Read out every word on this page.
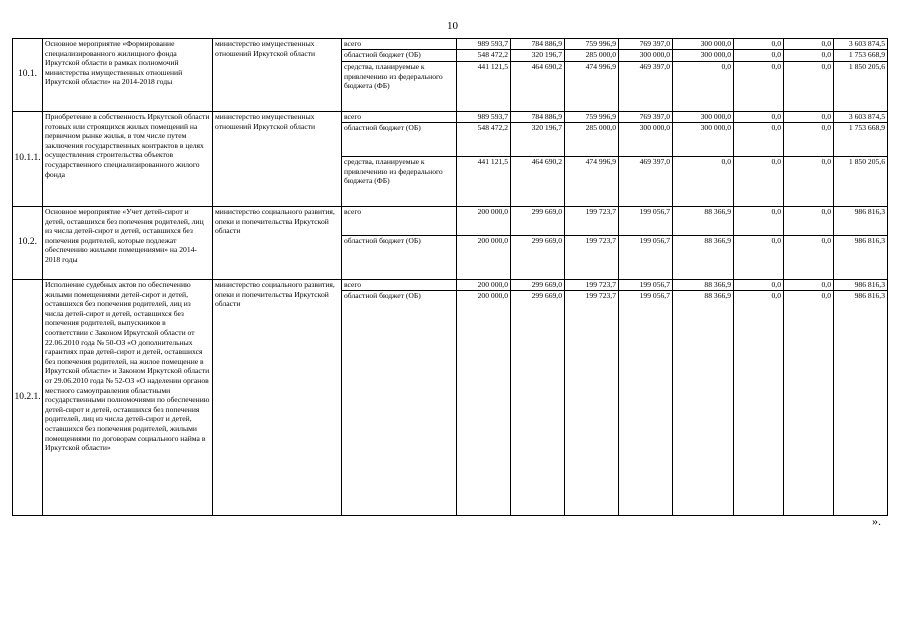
10
10.1.	Основное мероприятие «Формирование специализированного жилищного фонда Иркутской области в рамках полномочий министерства имущественных отношений Иркутской области» на 2014-2018 годы	министерство имущественных отношений Иркутской области	всего	989 593,7	784 886,9	759 996,9	769 397,0	300 000,0	0,0	0,0	3 603 874,5
			областной бюджет (ОБ)	548 472,2	320 196,7	285 000,0	300 000,0	300 000,0	0,0	0,0	1 753 668,9
			средства, планируемые к привлечению из федерального бюджета (ФБ)	441 121,5	464 690,2	474 996,9	469 397,0	0,0	0,0	0,0	1 850 205,6
10.1.1.	Приобретение в собственность Иркутской области готовых или строящихся жилых помещений на первичном рынке жилья, в том числе путем заключения государственных контрактов в целях осуществления строительства объектов государственного специализированного жилого фонда	министерство имущественных отношений Иркутской области	всего	989 593,7	784 886,9	759 996,9	769 397,0	300 000,0	0,0	0,0	3 603 874,5
			областной бюджет (ОБ)	548 472,2	320 196,7	285 000,0	300 000,0	300 000,0	0,0	0,0	1 753 668,9
			средства, планируемые к привлечению из федерального бюджета (ФБ)	441 121,5	464 690,2	474 996,9	469 397,0	0,0	0,0	0,0	1 850 205,6
10.2.	Основное мероприятие «Учет детей-сирот и детей, оставшихся без попечения родителей, лиц из числа детей-сирот и детей, оставшихся без попечения родителей, которые подлежат обеспечению жилыми помещениями» на 2014-2018 годы	министерство социального развития, опеки и попечительства Иркутской области	всего	200 000,0	299 669,0	199 723,7	199 056,7	88 366,9	0,0	0,0	986 816,3
			областной бюджет (ОБ)	200 000,0	299 669,0	199 723,7	199 056,7	88 366,9	0,0	0,0	986 816,3
10.2.1.	Исполнение судебных актов по обеспечению жилыми помещениями детей-сирот и детей, оставшихся без попечения родителей, лиц из числа детей-сирот и детей, оставшихся без попечения родителей, выпускников в соответствии с Законом Иркутской области от 22.06.2010 года № 50-ОЗ «О дополнительных гарантиях прав детей-сирот и детей, оставшихся без попечения родителей, на жилое помещение в Иркутской области» и Законом Иркутской области от 29.06.2010 года № 52-ОЗ «О наделении органов местного самоуправления областными государственными полномочиями по обеспечению детей-сирот и детей, оставшихся без попечения родителей, лиц из числа детей-сирот и детей, оставшихся без попечения родителей, жилыми помещениями по договорам социального найма в Иркутской области»	министерство социального развития, опеки и попечительства Иркутской области	всего	200 000,0	299 669,0	199 723,7	199 056,7	88 366,9	0,0	0,0	986 816,3
			областной бюджет (ОБ)	200 000,0	299 669,0	199 723,7	199 056,7	88 366,9	0,0	0,0	986 816,3
».
